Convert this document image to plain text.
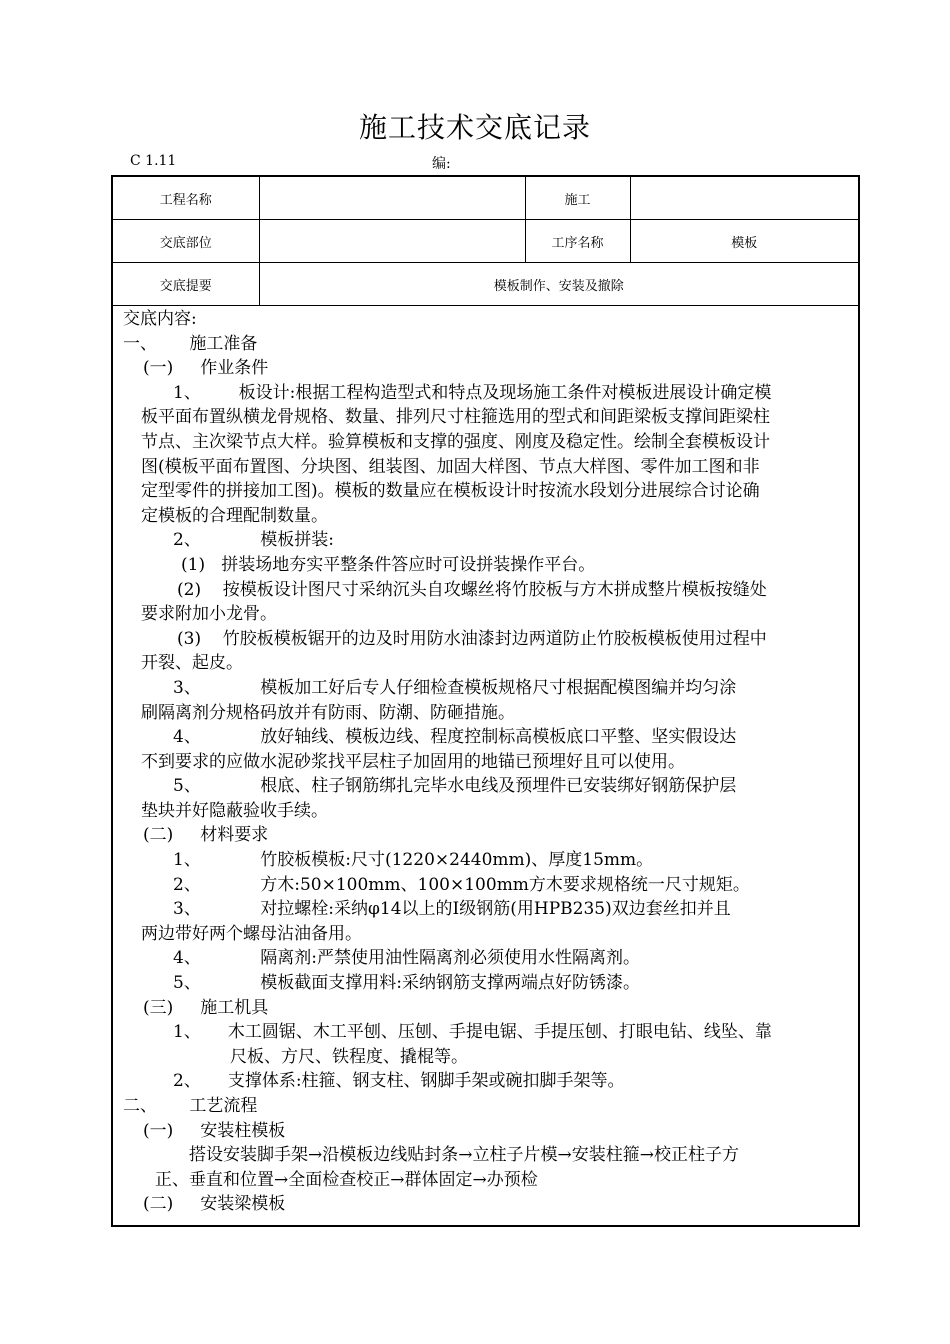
施工技术交底记录
C 1.11	编:
工程名称		施工	
交底部位		工序名称	模板
交底提要	模板制作、安装及撤除		
交底内容:
一、      施工准备
(一)     作业条件
1、       板设计:根据工程构造型式和特点及现场施工条件对模板进展设计确定模
板平面布置纵横龙骨规格、数量、排列尺寸柱箍选用的型式和间距梁板支撑间距梁柱
节点、主次梁节点大样。验算模板和支撑的强度、刚度及稳定性。绘制全套模板设计
图(模板平面布置图、分块图、组装图、加固大样图、节点大样图、零件加工图和非
定型零件的拼接加工图)。模板的数量应在模板设计时按流水段划分进展综合讨论确
定模板的合理配制数量。
2、           模板拼装:
(1)   拼装场地夯实平整条件答应时可设拼装操作平台。
(2)    按模板设计图尺寸采纳沉头自攻螺丝将竹胶板与方木拼成整片模板按缝处
要求附加小龙骨。
(3)    竹胶板模板锯开的边及时用防水油漆封边两道防止竹胶板模板使用过程中
开裂、起皮。
3、           模板加工好后专人仔细检查模板规格尺寸根据配模图编并均匀涂
刷隔离剂分规格码放并有防雨、防潮、防砸措施。
4、           放好轴线、模板边线、程度控制标高模板底口平整、坚实假设达
不到要求的应做水泥砂浆找平层柱子加固用的地锚已预埋好且可以使用。
5、           根底、柱子钢筋绑扎完毕水电线及预埋件已安装绑好钢筋保护层
垫块并好隐蔽验收手续。
(二)     材料要求
1、           竹胶板模板:尺寸(1220×2440mm)、厚度15mm。
2、           方木:50×100mm、100×100mm方木要求规格统一尺寸规矩。
3、           对拉螺栓:采纳φ14以上的Ⅰ级钢筋(用HPB235)双边套丝扣并且
两边带好两个螺母沾油备用。
4、           隔离剂:严禁使用油性隔离剂必须使用水性隔离剂。
5、           模板截面支撑用料:采纳钢筋支撑两端点好防锈漆。
(三)     施工机具
1、     木工圆锯、木工平刨、压刨、手提电锯、手提压刨、打眼电钻、线坠、靠
尺板、方尺、铁程度、撬棍等。
2、     支撑体系:柱箍、钢支柱、钢脚手架或碗扣脚手架等。
二、      工艺流程
(一)     安装柱模板
搭设安装脚手架→沿模板边线贴封条→立柱子片模→安装柱箍→校正柱子方
正、垂直和位置→全面检查校正→群体固定→办预检
(二)     安装梁模板
